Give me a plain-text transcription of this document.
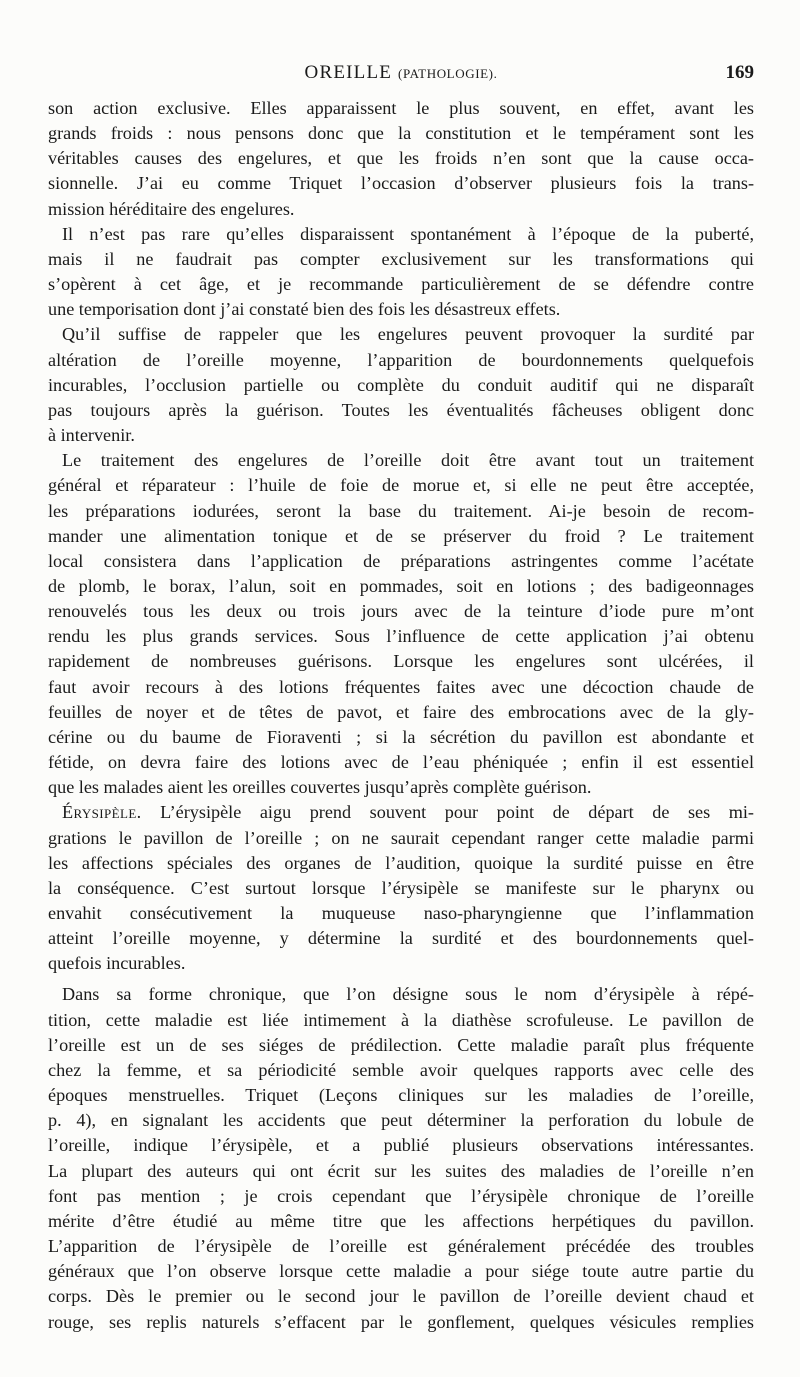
OREILLE (PATHOLOGIE).	169

son action exclusive. Elles apparaissent le plus souvent, en effet, avant les
grands froids : nous pensons donc que la constitution et le tempérament sont les
véritables causes des engelures, et que les froids n’en sont que la cause occa-
sionnelle. J’ai eu comme Triquet l’occasion d’observer plusieurs fois la trans-
mission héréditaire des engelures.

Il n’est pas rare qu’elles disparaissent spontanément à l’époque de la puberté,
mais il ne faudrait pas compter exclusivement sur les transformations qui
s’opèrent à cet âge, et je recommande particulièrement de se défendre contre
une temporisation dont j’ai constaté bien des fois les désastreux effets.

Qu’il suffise de rappeler que les engelures peuvent provoquer la surdité par
altération de l’oreille moyenne, l’apparition de bourdonnements quelquefois
incurables, l’occlusion partielle ou complète du conduit auditif qui ne disparaît
pas toujours après la guérison. Toutes les éventualités fâcheuses obligent donc
à intervenir.

Le traitement des engelures de l’oreille doit être avant tout un traitement
général et réparateur : l’huile de foie de morue et, si elle ne peut être acceptée,
les préparations iodurées, seront la base du traitement. Ai-je besoin de recom-
mander une alimentation tonique et de se préserver du froid ? Le traitement
local consistera dans l’application de préparations astringentes comme l’acétate
de plomb, le borax, l’alun, soit en pommades, soit en lotions ; des badigeonnages
renouvelés tous les deux ou trois jours avec de la teinture d’iode pure m’ont
rendu les plus grands services. Sous l’influence de cette application j’ai obtenu
rapidement de nombreuses guérisons. Lorsque les engelures sont ulcérées, il
faut avoir recours à des lotions fréquentes faites avec une décoction chaude de
feuilles de noyer et de têtes de pavot, et faire des embrocations avec de la gly-
cérine ou du baume de Fioraventi ; si la sécrétion du pavillon est abondante et
fétide, on devra faire des lotions avec de l’eau phéniquée ; enfin il est essentiel
que les malades aient les oreilles couvertes jusqu’après complète guérison.

Érysipèle. L’érysipèle aigu prend souvent pour point de départ de ses mi-
grations le pavillon de l’oreille ; on ne saurait cependant ranger cette maladie parmi
les affections spéciales des organes de l’audition, quoique la surdité puisse en être
la conséquence. C’est surtout lorsque l’érysipèle se manifeste sur le pharynx ou
envahit consécutivement la muqueuse naso-pharyngienne que l’inflammation
atteint l’oreille moyenne, y détermine la surdité et des bourdonnements quel-
quefois incurables.

Dans sa forme chronique, que l’on désigne sous le nom d’érysipèle à répé-
tition, cette maladie est liée intimement à la diathèse scrofuleuse. Le pavillon de
l’oreille est un de ses siéges de prédilection. Cette maladie paraît plus fréquente
chez la femme, et sa périodicité semble avoir quelques rapports avec celle des
époques menstruelles. Triquet (Leçons cliniques sur les maladies de l’oreille,
p. 4), en signalant les accidents que peut déterminer la perforation du lobule de
l’oreille, indique l’érysipèle, et a publié plusieurs observations intéressantes.
La plupart des auteurs qui ont écrit sur les suites des maladies de l’oreille n’en
font pas mention ; je crois cependant que l’érysipèle chronique de l’oreille
mérite d’être étudié au même titre que les affections herpétiques du pavillon.
L’apparition de l’érysipèle de l’oreille est généralement précédée des troubles
généraux que l’on observe lorsque cette maladie a pour siége toute autre partie du
corps. Dès le premier ou le second jour le pavillon de l’oreille devient chaud et
rouge, ses replis naturels s’effacent par le gonflement, quelques vésicules remplies
